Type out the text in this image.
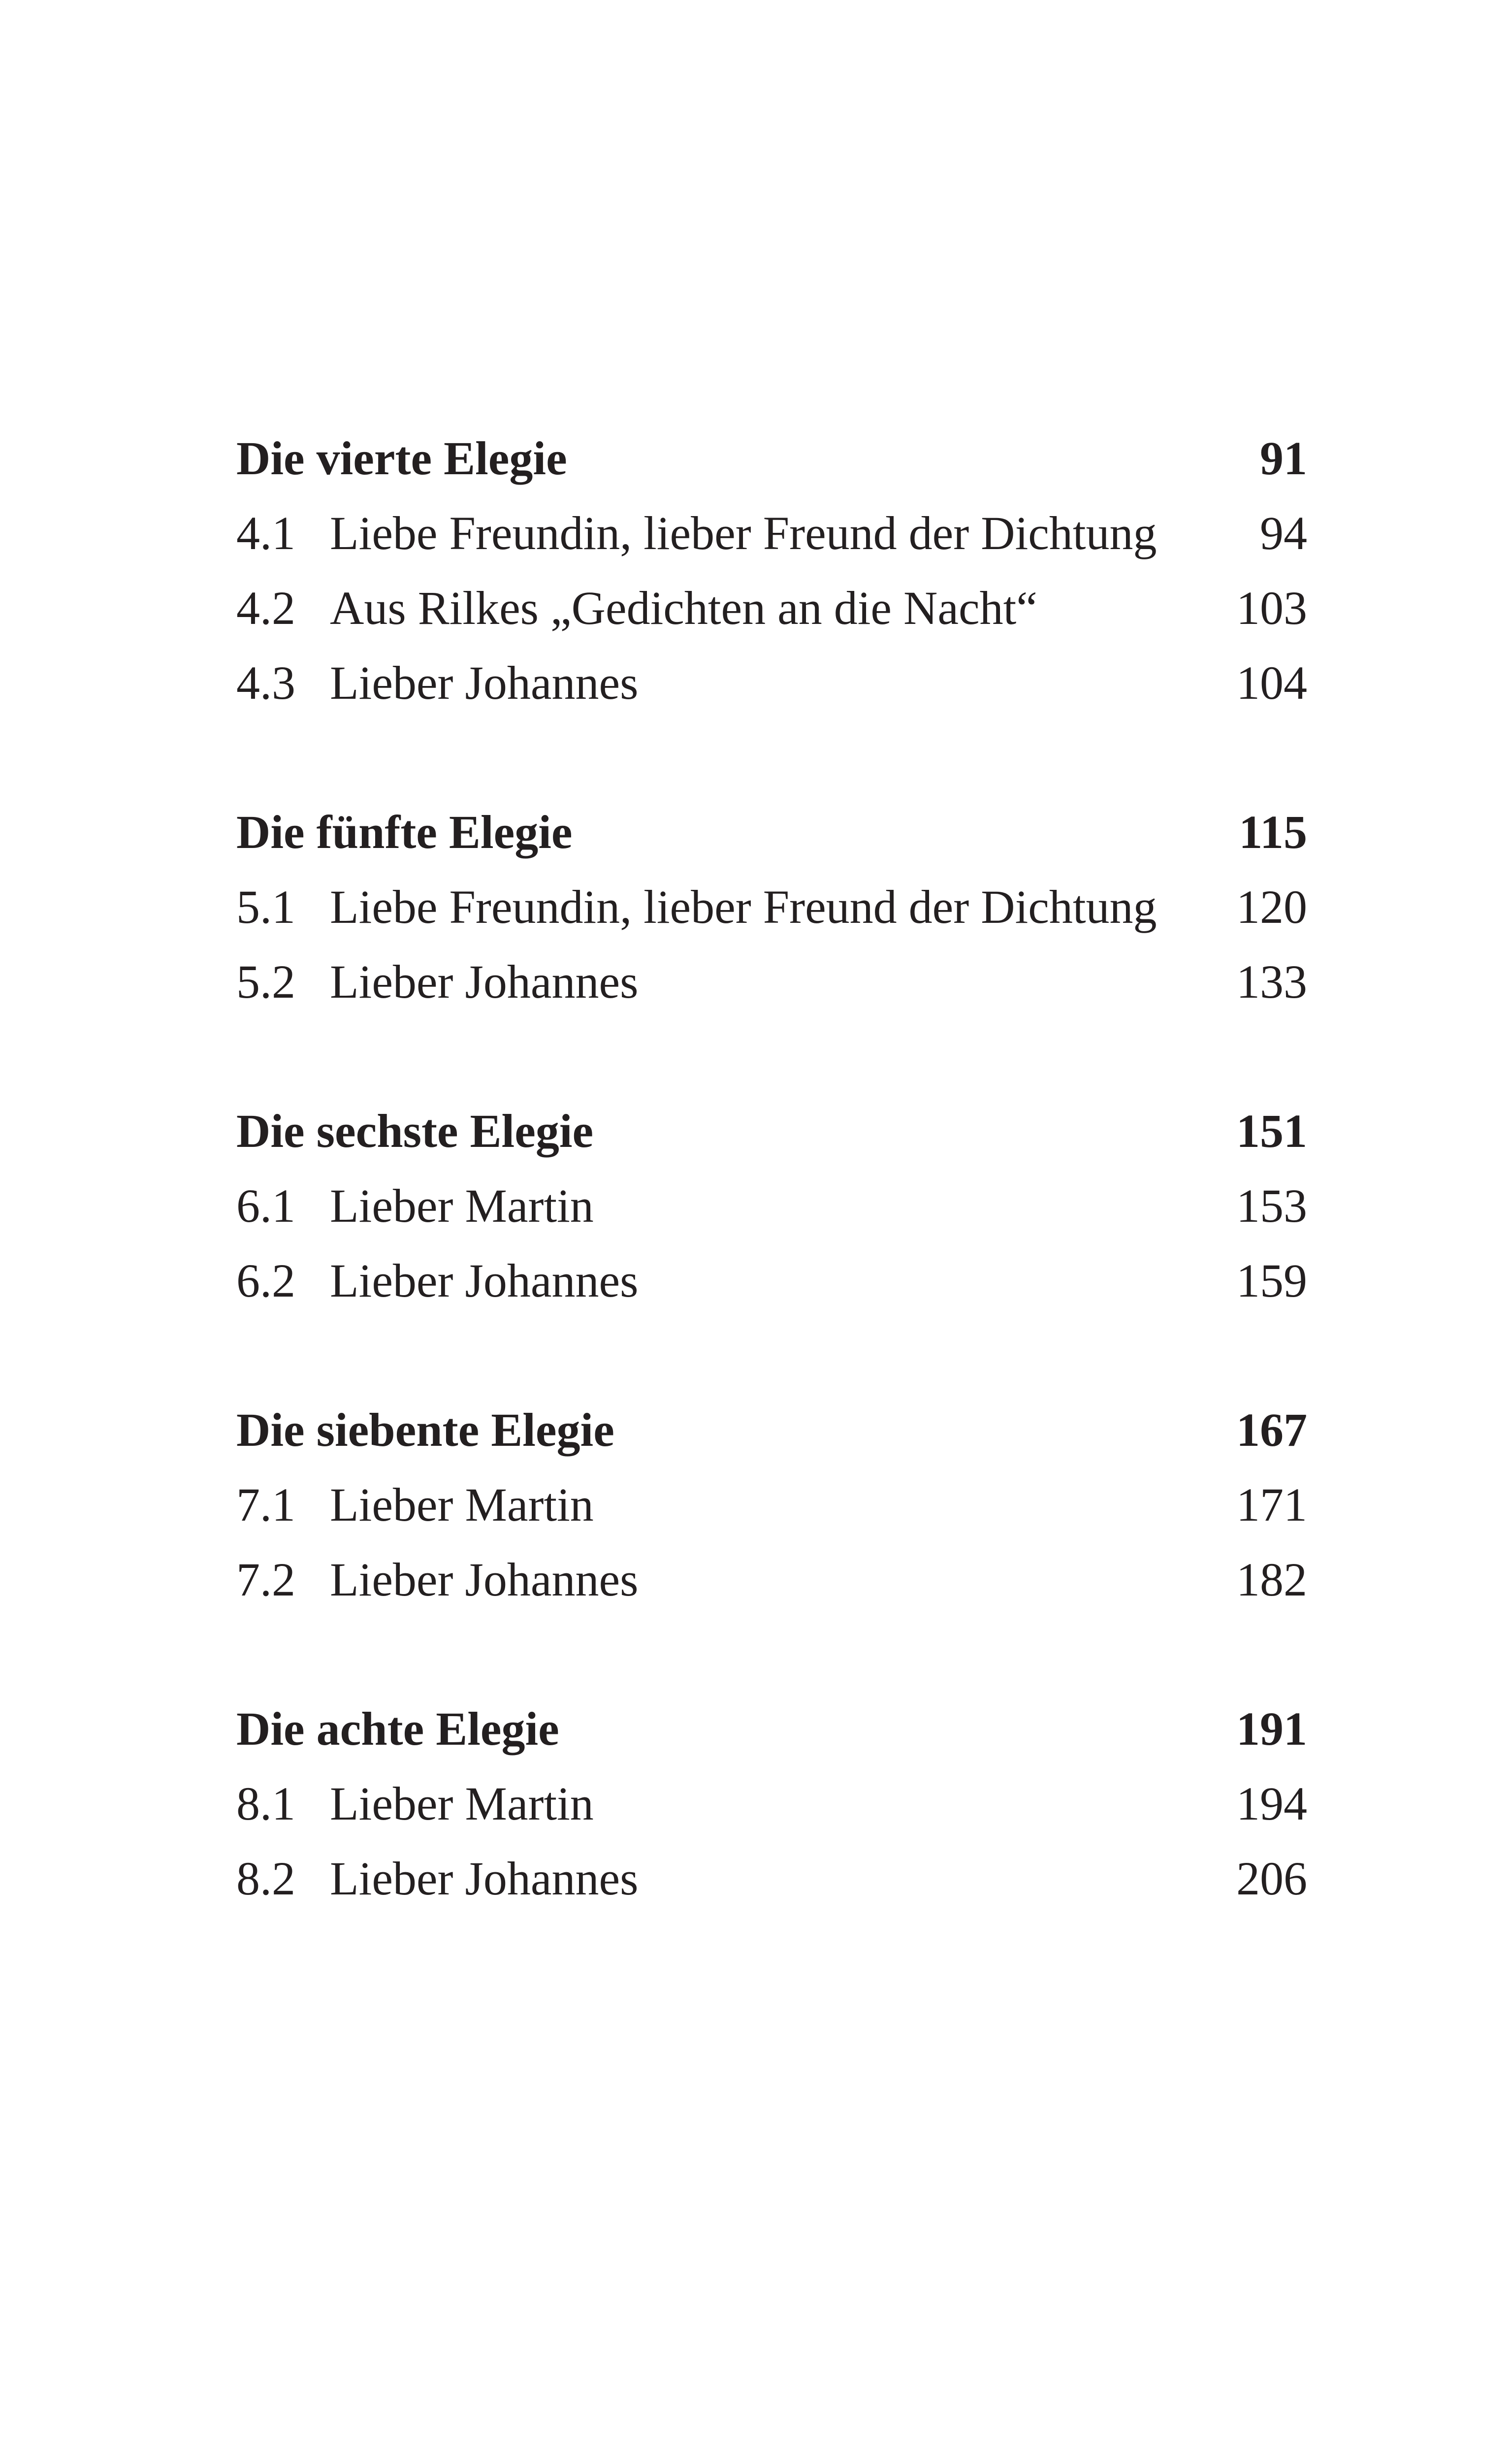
Die vierte Elegie	91
4.1 Liebe Freundin, lieber Freund der Dichtung	94
4.2 Aus Rilkes „Gedichten an die Nacht“	103
4.3 Lieber Johannes	104
Die fünfte Elegie	115
5.1 Liebe Freundin, lieber Freund der Dichtung	120
5.2 Lieber Johannes	133
Die sechste Elegie	151
6.1 Lieber Martin	153
6.2 Lieber Johannes	159
Die siebente Elegie	167
7.1 Lieber Martin	171
7.2 Lieber Johannes	182
Die achte Elegie	191
8.1 Lieber Martin	194
8.2 Lieber Johannes	206
